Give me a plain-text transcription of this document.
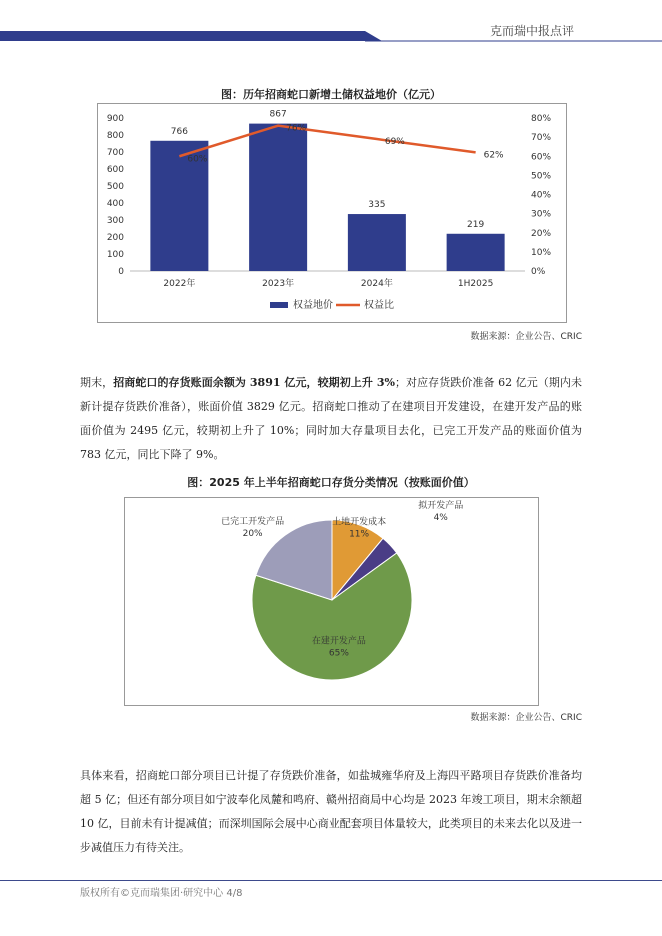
克而瑞中报点评
图：历年招商蛇口新增土储权益地价（亿元）
0
100
200
300
400
500
600
700
800
900
0%
10%
20%
30%
40%
50%
60%
70%
80%
766
2022年
867
2023年
335
2024年
219
1H2025
60%
76%
69%
62%
权益地价	权益比
数据来源：企业公告、CRIC
期末，招商蛇口的存货账面余额为 3891 亿元，较期初上升 3%；对应存货跌价准备 62 亿元（期内未新计提存货跌价准备），账面价值 3829 亿元。招商蛇口推动了在建项目开发建设，在建开发产品的账面价值为 2495 亿元，较期初上升了 10%；同时加大存量项目去化，已完工开发产品的账面价值为 783 亿元，同比下降了 9%。
图：2025 年上半年招商蛇口存货分类情况（按账面价值）
土地开发成本
11%
拟开发产品
4%
在建开发产品
65%
已完工开发产品
20%
数据来源：企业公告、CRIC
具体来看，招商蛇口部分项目已计提了存货跌价准备，如盐城雍华府及上海四平路项目存货跌价准备均超 5 亿；但还有部分项目如宁波奉化凤麓和鸣府、赣州招商局中心均是 2023 年竣工项目，期末余额超 10 亿，目前未有计提减值；而深圳国际会展中心商业配套项目体量较大，此类项目的未来去化以及进一步减值压力有待关注。
版权所有©克而瑞集团·研究中心 4/8
